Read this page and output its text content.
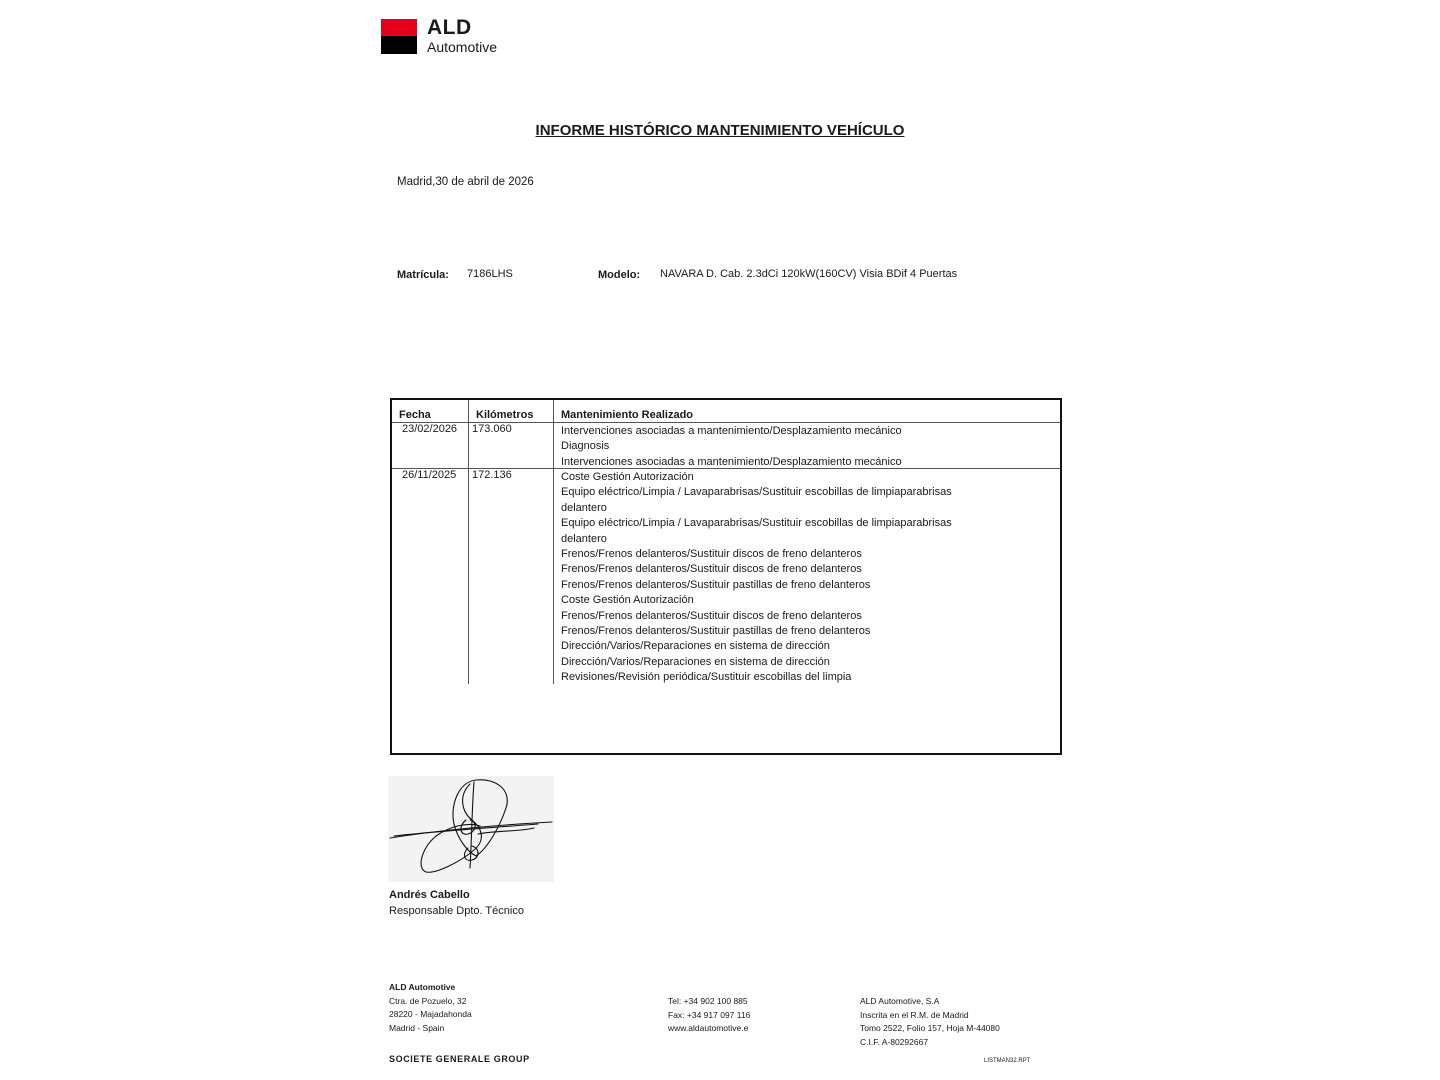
ALD
Automotive
INFORME HISTÓRICO MANTENIMIENTO VEHÍCULO
Madrid,30 de abril de 2026
Matrícula: 7186LHS	Modelo: NAVARA D. Cab. 2.3dCi 120kW(160CV) Visia BDif 4 Puertas
Fecha	Kilómetros	Mantenimiento Realizado
23/02/2026 173.060	Intervenciones asociadas a mantenimiento/Desplazamiento mecánico
Diagnosis
Intervenciones asociadas a mantenimiento/Desplazamiento mecánico
26/11/2025 172.136	Coste Gestión Autorización
Equipo eléctrico/Limpia / Lavaparabrisas/Sustituir escobillas de limpiaparabrisas
delantero
Equipo eléctrico/Limpia / Lavaparabrisas/Sustituir escobillas de limpiaparabrisas
delantero
Frenos/Frenos delanteros/Sustituir discos de freno delanteros
Frenos/Frenos delanteros/Sustituir discos de freno delanteros
Frenos/Frenos delanteros/Sustituir pastillas de freno delanteros
Coste Gestión Autorización
Frenos/Frenos delanteros/Sustituir discos de freno delanteros
Frenos/Frenos delanteros/Sustituir pastillas de freno delanteros
Dirección/Varios/Reparaciones en sistema de dirección
Dirección/Varios/Reparaciones en sistema de dirección
Revisiones/Revisión periódica/Sustituir escobillas del limpia
Andrés Cabello
Responsable Dpto. Técnico
ALD Automotive
Ctra. de Pozuelo, 32
28220 - Majadahonda
Madrid - Spain
Tel: +34 902 100 885
Fax: +34 917 097 116
www.aldautomotive.e
ALD Automotive, S.A
Inscrita en el R.M. de Madrid
Tomo 2522, Folio 157, Hoja M-44080
C.I.F. A-80292667
SOCIETE GENERALE GROUP	LISTMAN32.RPT
